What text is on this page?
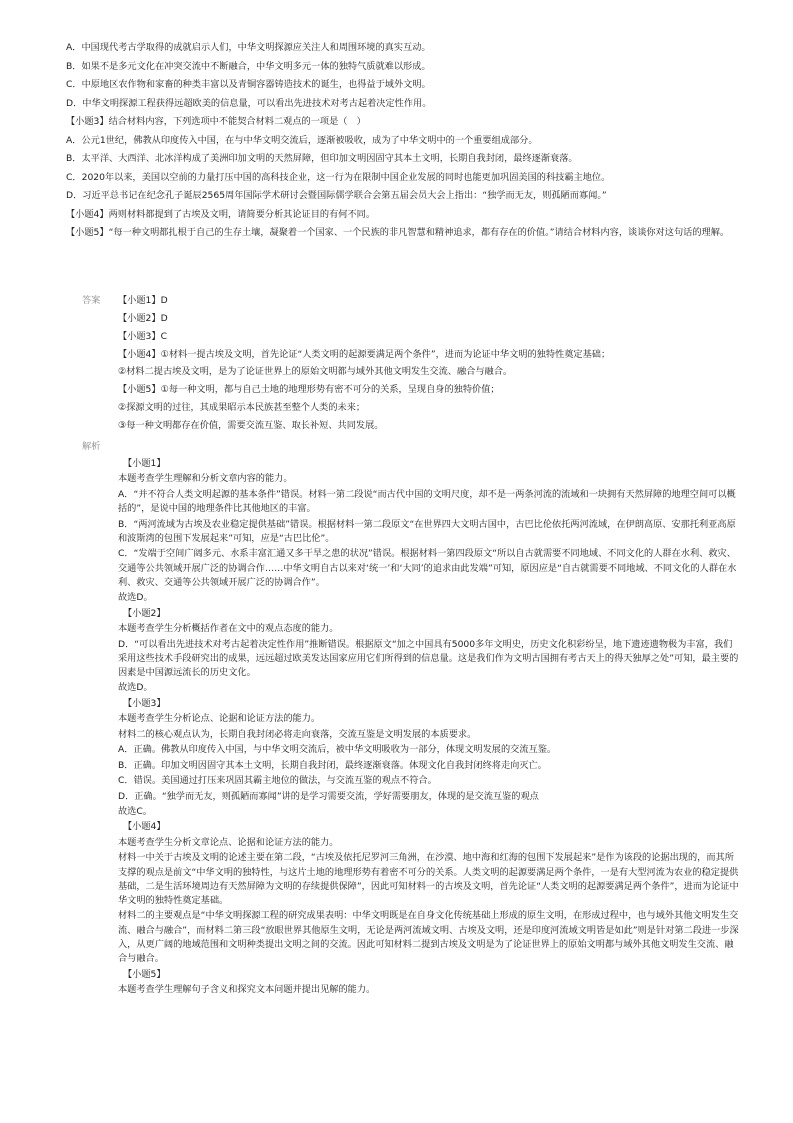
A．中国现代考古学取得的成就启示人们，中华文明探源应关注人和周围环境的真实互动。

B．如果不是多元文化在冲突交流中不断融合，中华文明多元一体的独特气质就难以形成。

C．中原地区农作物和家畜的种类丰富以及青铜容器铸造技术的诞生，也得益于域外文明。

D．中华文明探源工程获得远超欧美的信息量，可以看出先进技术对考古起着决定性作用。

【小题3】结合材料内容，下列选项中不能契合材料二观点的一项是（　）

A．公元1世纪，佛教从印度传入中国，在与中华文明交流后，逐渐被吸收，成为了中华文明中的一个重要组成部分。

B．太平洋、大西洋、北冰洋构成了美洲印加文明的天然屏障，但印加文明因固守其本土文明，长期自我封闭，最终逐渐衰落。

C．2020年以来，美国以空前的力量打压中国的高科技企业，这一行为在限制中国企业发展的同时也能更加巩固美国的科技霸主地位。

D．习近平总书记在纪念孔子诞辰2565周年国际学术研讨会暨国际儒学联合会第五届会员大会上指出：“独学而无友，则孤陋而寡闻。”

【小题4】两则材料都提到了古埃及文明，请简要分析其论证目的有何不同。

【小题5】“每一种文明都扎根于自己的生存土壤，凝聚着一个国家、一个民族的非凡智慧和精神追求，都有存在的价值。”请结合材料内容，谈谈你对这句话的理解。

答案 【小题1】D

【小题2】D

【小题3】C

【小题4】①材料一提古埃及文明，首先论证“人类文明的起源要满足两个条件”，进而为论证中华文明的独特性奠定基础；

②材料二提古埃及文明，是为了论证世界上的原始文明都与域外其他文明发生交流、融合与融合。

【小题5】①每一种文明，都与自己土地的地理形势有密不可分的关系，呈现自身的独特价值；

②探源文明的过往，其成果昭示本民族甚至整个人类的未来；

③每一种文明都存在价值，需要交流互鉴、取长补短、共同发展。

解析

【小题1】

本题考查学生理解和分析文章内容的能力。

A．“并不符合人类文明起源的基本条件”错误。材料一第二段说“而古代中国的文明尺度，却不是一两条河流的流域和一块拥有天然屏障的地理空间可以概括的”，是说中国的地理条件比其他地区的丰富。

B．“两河流域为古埃及农业稳定提供基础”错误。根据材料一第二段原文“在世界四大文明古国中，古巴比伦依托两河流域，在伊朗高原、安那托利亚高原和波斯湾的包围下发展起来”可知，应是“古巴比伦”。

C．“发端于空间广阔多元、水系丰富汇通又多干旱之患的状况”错误。根据材料一第四段原文“所以自古就需要不同地域、不同文化的人群在水利、救灾、交通等公共领域开展广泛的协调合作……中华文明自古以来对‘统一’和‘大同’的追求由此发端”可知，原因应是“自古就需要不同地域、不同文化的人群在水利、救灾、交通等公共领域开展广泛的协调合作”。

故选D。

【小题2】

本题考查学生分析概括作者在文中的观点态度的能力。

D．“可以看出先进技术对考古起着决定性作用”推断错误。根据原文“加之中国具有5000多年文明史，历史文化积彩纷呈，地下遗迹遗物极为丰富，我们采用这些技术手段研究出的成果，远远超过欧美发达国家应用它们所得到的信息量。这是我们作为文明古国拥有考古天上的得天独厚之处”可知，最主要的因素是中国源远流长的历史文化。

故选D。

【小题3】

本题考查学生分析论点、论据和论证方法的能力。

材料二的核心观点认为，长期自我封闭必将走向衰落，交流互鉴是文明发展的本质要求。

A．正确。佛教从印度传入中国，与中华文明交流后，被中华文明吸收为一部分，体现文明发展的交流互鉴。

B．正确。印加文明因固守其本土文明，长期自我封闭，最终逐渐衰落。体现文化自我封闭终将走向灭亡。

C．错误。美国通过打压来巩固其霸主地位的做法，与交流互鉴的观点不符合。

D．正确。“独学而无友，则孤陋而寡闻”讲的是学习需要交流，学好需要朋友，体现的是交流互鉴的观点

故选C。

【小题4】

本题考查学生分析文章论点、论据和论证方法的能力。

材料一中关于古埃及文明的论述主要在第二段，“古埃及依托尼罗河三角洲，在沙漠、地中海和红海的包围下发展起来”是作为该段的论据出现的，而其所支撑的观点是前文“中华文明的独特性，与这片土地的地理形势有着密不可分的关系。人类文明的起源要满足两个条件，一是有大型河流为农业的稳定提供基础，二是生活环境周边有天然屏障为文明的存续提供保障”，因此可知材料一的古埃及文明，首先论证“人类文明的起源要满足两个条件”，进而为论证中华文明的独特性奠定基础。

材料二的主要观点是“中华文明探源工程的研究成果表明：中华文明既是在自身文化传统基础上形成的原生文明，在形成过程中，也与域外其他文明发生交流、融合与融合”，而材料二第三段“放眼世界其他原生文明，无论是两河流域文明、古埃及文明，还是印度河流域文明皆是如此”则是针对第二段进一步深入，从更广阔的地域范围和文明种类提出文明之间的交流。因此可知材料二提到古埃及文明是为了论证世界上的原始文明都与域外其他文明发生交流、融合与融合。

【小题5】

本题考查学生理解句子含义和探究文本问题并提出见解的能力。
